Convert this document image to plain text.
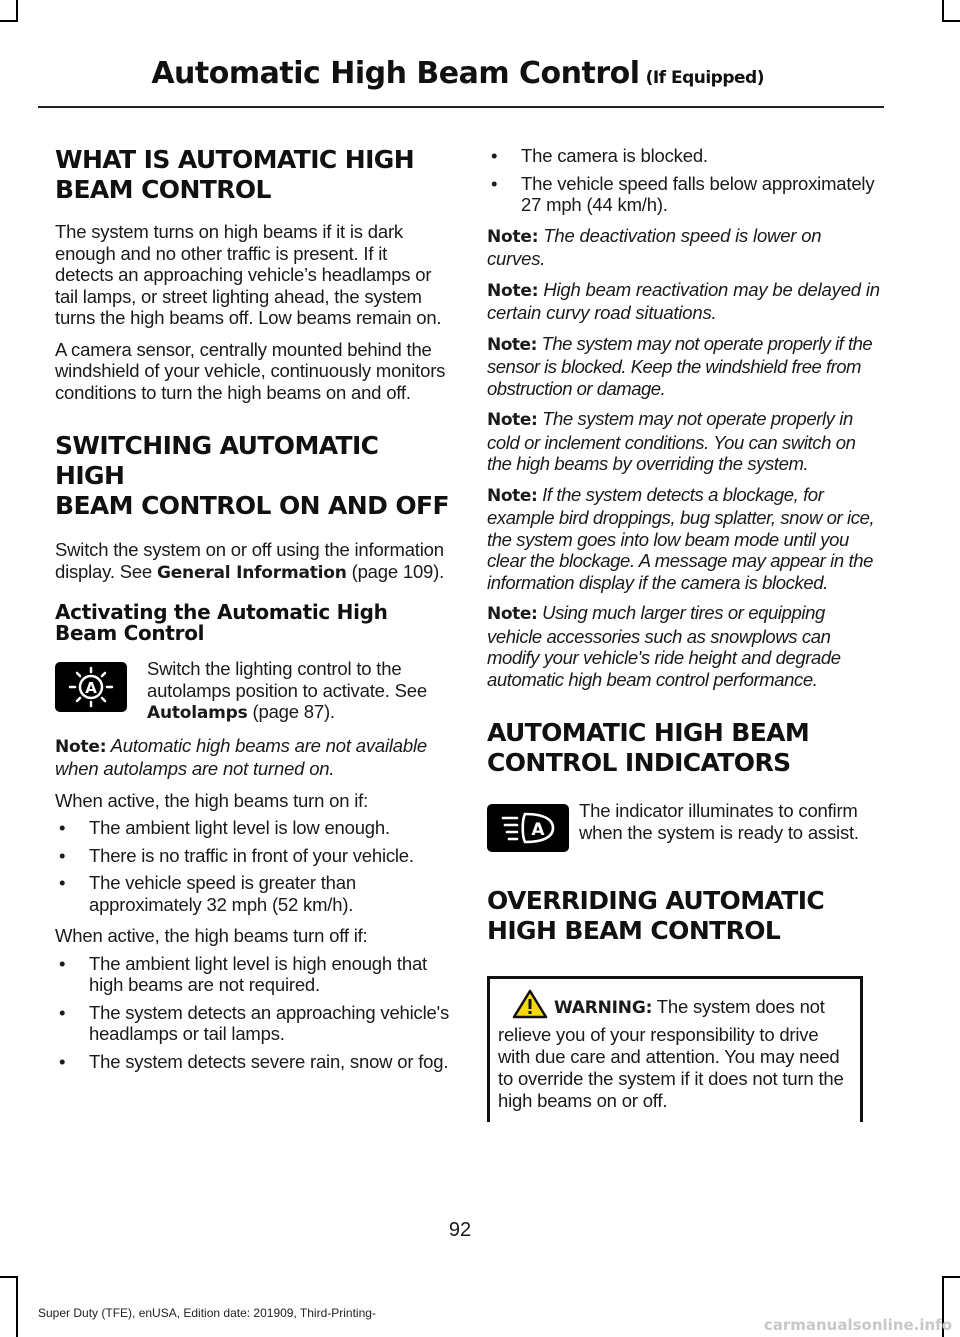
Automatic High Beam Control (If Equipped)
WHAT IS AUTOMATIC HIGH
BEAM CONTROL

The system turns on high beams if it is dark enough and no other traffic is present. If it detects an approaching vehicle’s headlamps or tail lamps, or street lighting ahead, the system turns the high beams off. Low beams remain on.

A camera sensor, centrally mounted behind the windshield of your vehicle, continuously monitors conditions to turn the high beams on and off.

SWITCHING AUTOMATIC HIGH
BEAM CONTROL ON AND OFF

Switch the system on or off using the information display. See General Information (page 109).

Activating the Automatic High Beam Control
A

Switch the lighting control to the autolamps position to activate. See Autolamps (page 87).

Note: Automatic high beams are not available when autolamps are not turned on.

When active, the high beams turn on if:

• The ambient light level is low enough.
• There is no traffic in front of your vehicle.
• The vehicle speed is greater than approximately 32 mph (52 km/h).

When active, the high beams turn off if:

• The ambient light level is high enough that high beams are not required.
• The system detects an approaching vehicle's headlamps or tail lamps.
• The system detects severe rain, snow or fog.
• The camera is blocked.
• The vehicle speed falls below approximately 27 mph (44 km/h).

Note: The deactivation speed is lower on curves.

Note: High beam reactivation may be delayed in certain curvy road situations.

Note: The system may not operate properly if the sensor is blocked. Keep the windshield free from obstruction or damage.

Note: The system may not operate properly in cold or inclement conditions. You can switch on the high beams by overriding the system.

Note: If the system detects a blockage, for example bird droppings, bug splatter, snow or ice, the system goes into low beam mode until you clear the blockage. A message may appear in the information display if the camera is blocked.

Note: Using much larger tires or equipping vehicle accessories such as snowplows can modify your vehicle's ride height and degrade automatic high beam control performance.

AUTOMATIC HIGH BEAM
CONTROL INDICATORS
A

The indicator illuminates to confirm when the system is ready to assist.

OVERRIDING AUTOMATIC
HIGH BEAM CONTROL
WARNING: The system does not relieve you of your responsibility to drive with due care and attention. You may need to override the system if it does not turn the high beams on or off.
92
Super Duty (TFE), enUSA, Edition date: 201909, Third-Printing-
carmanualsonline.info
